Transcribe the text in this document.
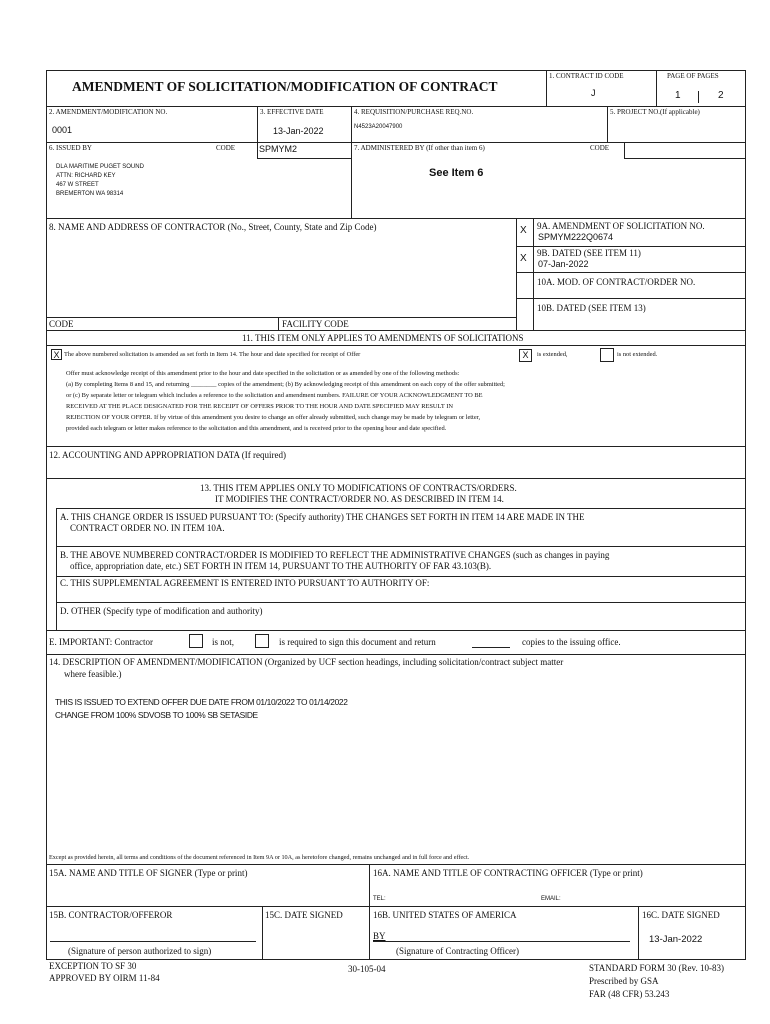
AMENDMENT OF SOLICITATION/MODIFICATION OF CONTRACT
1. CONTRACT ID CODE
J
PAGE OF PAGES
1	2
2. AMENDMENT/MODIFICATION NO.
0001
3. EFFECTIVE DATE
13-Jan-2022
4. REQUISITION/PURCHASE REQ.NO.
N4523A20047900
5. PROJECT NO.(If applicable)
6. ISSUED BY	CODE	SPMYM2	7. ADMINISTERED BY (If other than item 6)	CODE
DLA MARITIME PUGET SOUND
ATTN: RICHARD KEY
467 W STREET
BREMERTON WA 98314
See Item 6
8. NAME AND ADDRESS OF CONTRACTOR (No., Street, County, State and Zip Code)	X 9A. AMENDMENT OF SOLICITATION NO.
SPMYM222Q0674
X 9B. DATED (SEE ITEM 11)
07-Jan-2022
10A. MOD. OF CONTRACT/ORDER NO.
10B. DATED (SEE ITEM 13)
CODE	FACILITY CODE
11. THIS ITEM ONLY APPLIES TO AMENDMENTS OF SOLICITATIONS
X The above numbered solicitation is amended as set forth in Item 14. The hour and date specified for receipt of Offer	X	is extended,	is not extended.
Offer must acknowledge receipt of this amendment prior to the hour and date specified in the solicitation or as amended by one of the following methods:
(a) By completing Items 8 and 15, and returning ________ copies of the amendment; (b) By acknowledging receipt of this amendment on each copy of the offer submitted;
or (c) By separate letter or telegram which includes a reference to the solicitation and amendment numbers. FAILURE OF YOUR ACKNOWLEDGMENT TO BE
RECEIVED AT THE PLACE DESIGNATED FOR THE RECEIPT OF OFFERS PRIOR TO THE HOUR AND DATE SPECIFIED MAY RESULT IN
REJECTION OF YOUR OFFER. If by virtue of this amendment you desire to change an offer already submitted, such change may be made by telegram or letter,
provided each telegram or letter makes reference to the solicitation and this amendment, and is received prior to the opening hour and date specified.
12. ACCOUNTING AND APPROPRIATION DATA (If required)
13. THIS ITEM APPLIES ONLY TO MODIFICATIONS OF CONTRACTS/ORDERS.
IT MODIFIES THE CONTRACT/ORDER NO. AS DESCRIBED IN ITEM 14.
A. THIS CHANGE ORDER IS ISSUED PURSUANT TO: (Specify authority) THE CHANGES SET FORTH IN ITEM 14 ARE MADE IN THE
CONTRACT ORDER NO. IN ITEM 10A.
B. THE ABOVE NUMBERED CONTRACT/ORDER IS MODIFIED TO REFLECT THE ADMINISTRATIVE CHANGES (such as changes in paying
office, appropriation date, etc.) SET FORTH IN ITEM 14, PURSUANT TO THE AUTHORITY OF FAR 43.103(B).
C. THIS SUPPLEMENTAL AGREEMENT IS ENTERED INTO PURSUANT TO AUTHORITY OF:
D. OTHER (Specify type of modification and authority)
E. IMPORTANT: Contractor	is not,	is required to sign this document and return	copies to the issuing office.
14. DESCRIPTION OF AMENDMENT/MODIFICATION (Organized by UCF section headings, including solicitation/contract subject matter
where feasible.)
THIS IS ISSUED TO EXTEND OFFER DUE DATE FROM 01/10/2022 TO 01/14/2022
CHANGE FROM 100% SDVOSB TO 100% SB SETASIDE
Except as provided herein, all terms and conditions of the document referenced in Item 9A or 10A, as heretofore changed, remains unchanged and in full force and effect.
15A. NAME AND TITLE OF SIGNER (Type or print)	16A. NAME AND TITLE OF CONTRACTING OFFICER (Type or print)
TEL:	EMAIL:
15B. CONTRACTOR/OFFEROR
(Signature of person authorized to sign)
15C. DATE SIGNED	16B. UNITED STATES OF AMERICA
BY
(Signature of Contracting Officer)
16C. DATE SIGNED
13-Jan-2022
EXCEPTION TO SF 30
APPROVED BY OIRM 11-84
30-105-04	STANDARD FORM 30 (Rev. 10-83)
Prescribed by GSA
FAR (48 CFR) 53.243
